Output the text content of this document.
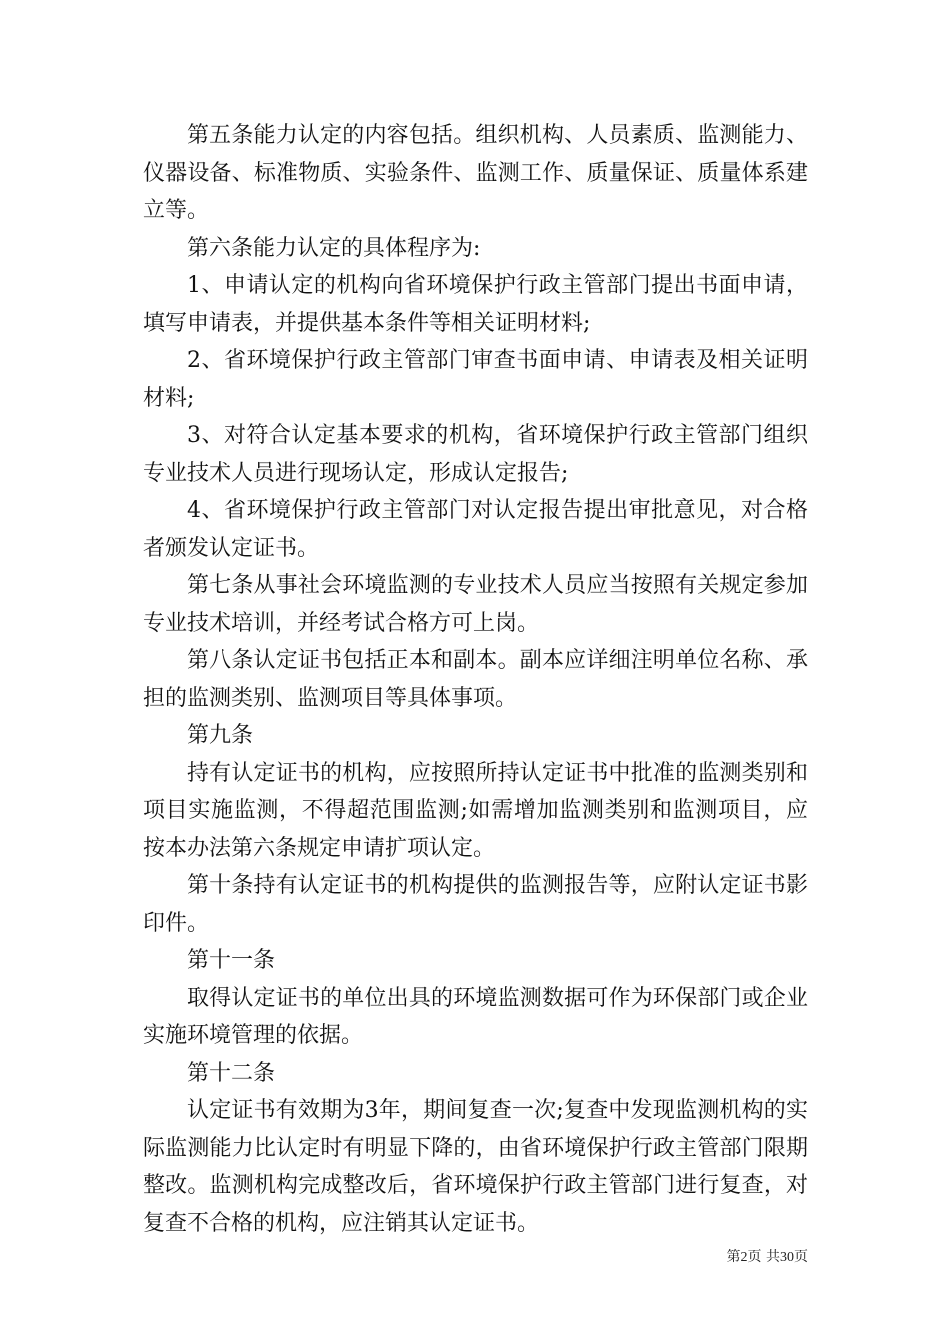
第五条能力认定的内容包括。组织机构、人员素质、监测能力、仪器设备、标准物质、实验条件、监测工作、质量保证、质量体系建立等。

第六条能力认定的具体程序为:

1、申请认定的机构向省环境保护行政主管部门提出书面申请，填写申请表，并提供基本条件等相关证明材料;

2、省环境保护行政主管部门审查书面申请、申请表及相关证明材料;

3、对符合认定基本要求的机构，省环境保护行政主管部门组织专业技术人员进行现场认定，形成认定报告;

4、省环境保护行政主管部门对认定报告提出审批意见，对合格者颁发认定证书。

第七条从事社会环境监测的专业技术人员应当按照有关规定参加专业技术培训，并经考试合格方可上岗。

第八条认定证书包括正本和副本。副本应详细注明单位名称、承担的监测类别、监测项目等具体事项。

第九条

持有认定证书的机构，应按照所持认定证书中批准的监测类别和项目实施监测，不得超范围监测;如需增加监测类别和监测项目，应按本办法第六条规定申请扩项认定。

第十条持有认定证书的机构提供的监测报告等，应附认定证书影印件。

第十一条

取得认定证书的单位出具的环境监测数据可作为环保部门或企业实施环境管理的依据。

第十二条

认定证书有效期为3年，期间复查一次;复查中发现监测机构的实际监测能力比认定时有明显下降的，由省环境保护行政主管部门限期整改。监测机构完成整改后，省环境保护行政主管部门进行复查，对复查不合格的机构，应注销其认定证书。

第2页 共30页
